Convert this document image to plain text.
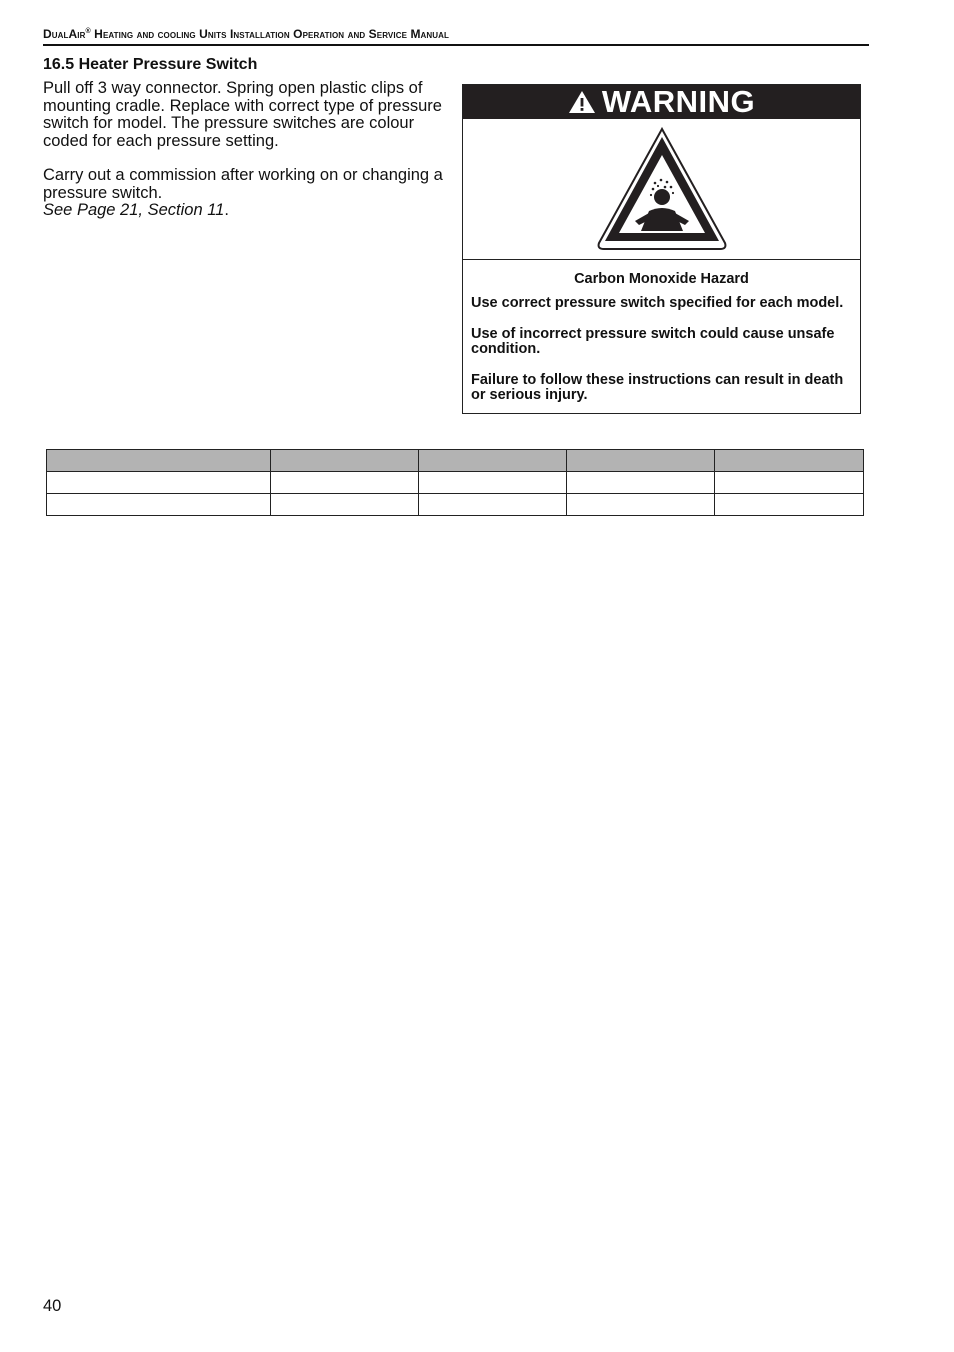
DualAir® Heating and cooling Units Installation Operation and Service Manual
16.5 Heater Pressure Switch

Pull off 3 way connector. Spring open plastic clips of mounting cradle. Replace with correct type of pressure switch for model. The pressure switches are colour coded for each pressure setting.

Carry out a commission after working on or changing a pressure switch.
See Page 21, Section 11.

WARNING
Carbon Monoxide Hazard

Use correct pressure switch specified for each model.

Use of incorrect pressure switch could cause unsafe condition.

Failure to follow these instructions can result in death or serious injury.

40
